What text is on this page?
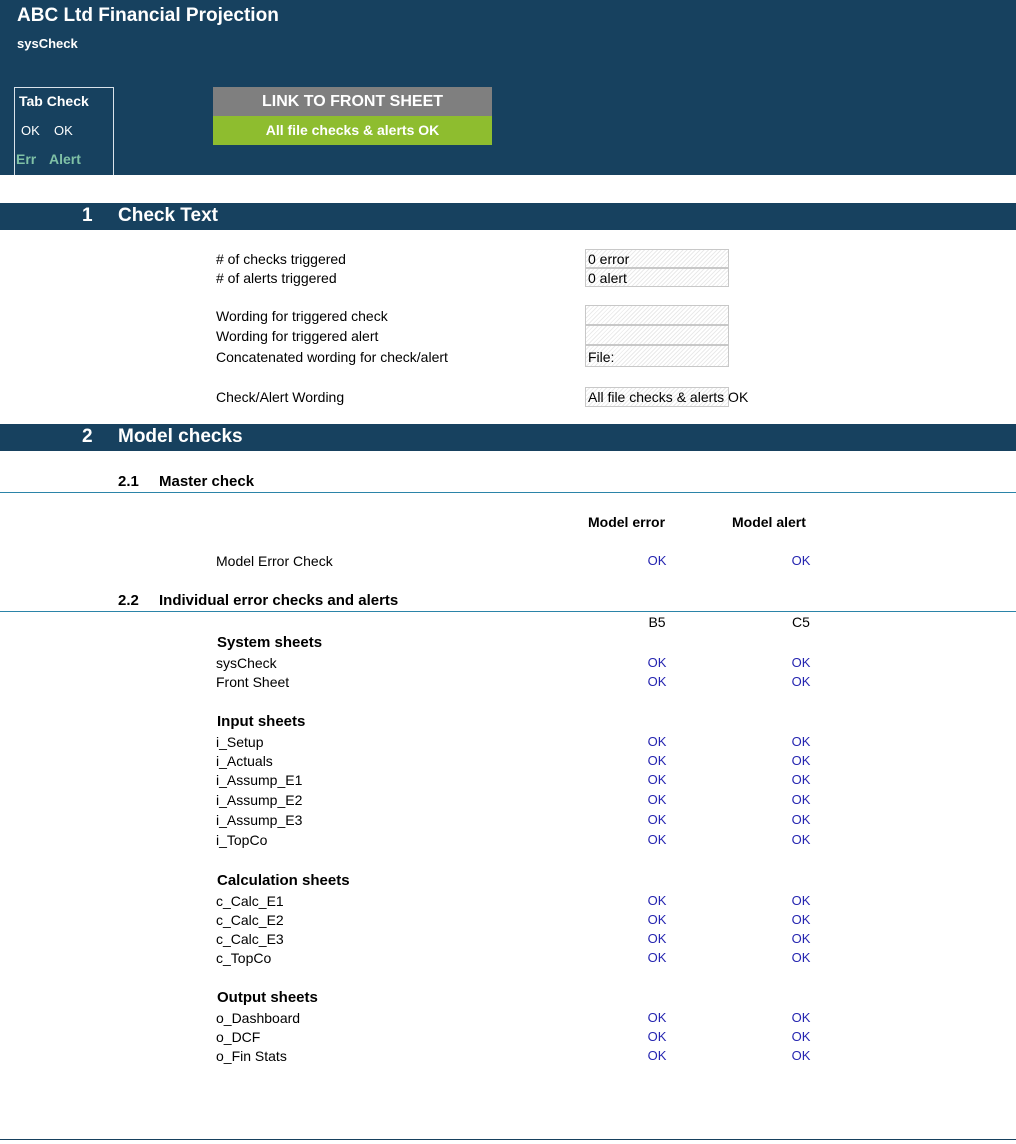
ABC Ltd Financial Projection
sysCheck
Tab Check
OK OK
Err Alert
LINK TO FRONT SHEET
All file checks & alerts OK
1 Check Text
# of checks triggered	0 error
# of alerts triggered	0 alert
Wording for triggered check
Wording for triggered alert
Concatenated wording for check/alert	File:
Check/Alert Wording	All file checks & alerts OK
2 Model checks
2.1 Master check
Model error	Model alert
Model Error Check	OK	OK
2.2 Individual error checks and alerts
B5	C5
System sheets
sysCheck	OK	OK
Front Sheet	OK	OK
Input sheets
i_Setup	OK	OK
i_Actuals	OK	OK
i_Assump_E1	OK	OK
i_Assump_E2	OK	OK
i_Assump_E3	OK	OK
i_TopCo	OK	OK
Calculation sheets
c_Calc_E1	OK	OK
c_Calc_E2	OK	OK
c_Calc_E3	OK	OK
c_TopCo	OK	OK
Output sheets
o_Dashboard	OK	OK
o_DCF	OK	OK
o_Fin Stats	OK	OK
